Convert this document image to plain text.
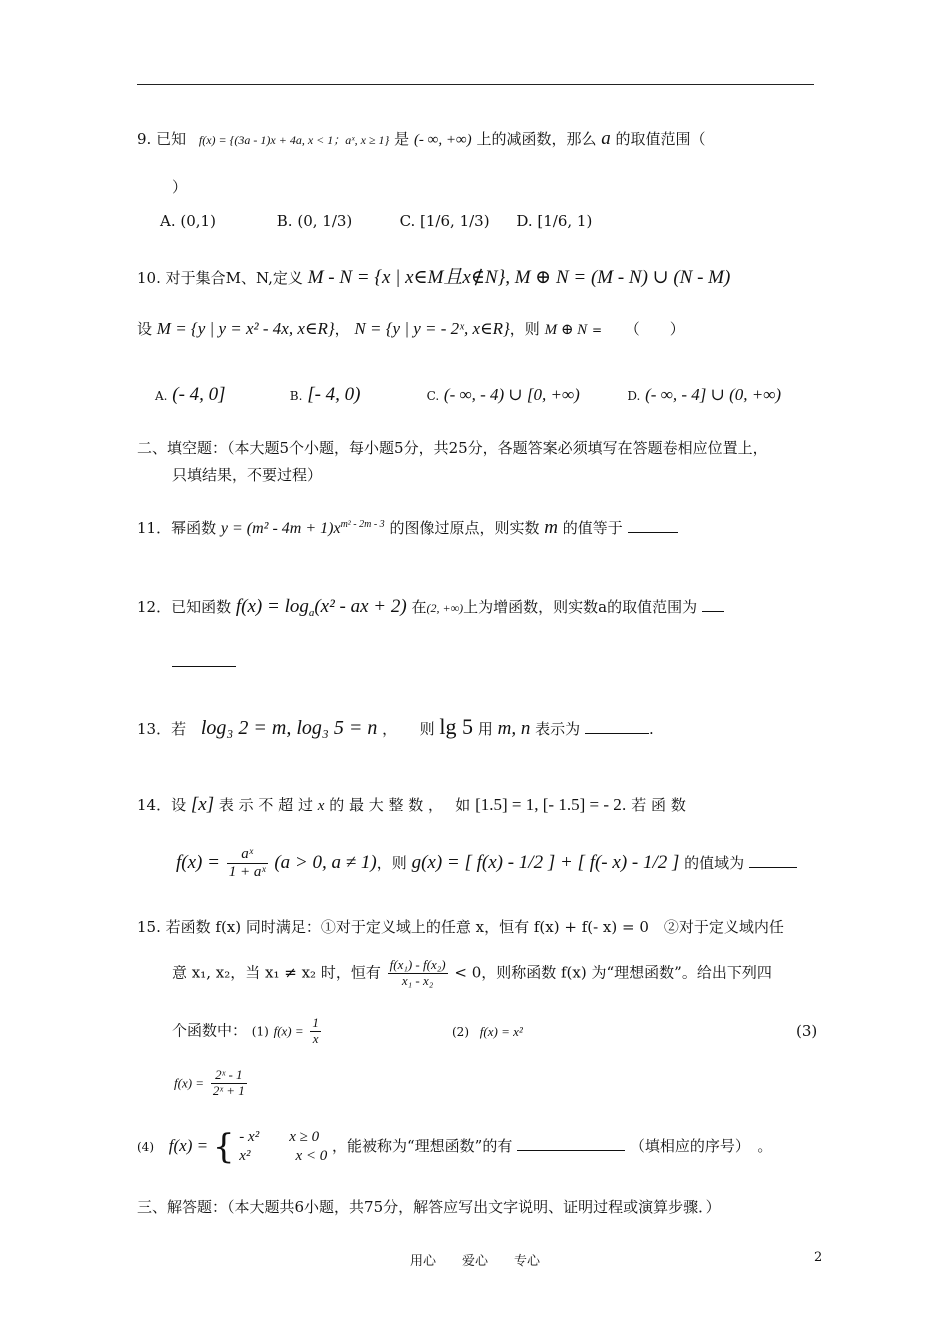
9. 已知 f(x) = {(3a - 1)x + 4a, x < 1；aˣ, x ≥ 1} 是 (- ∞, +∞) 上的减函数，那么 a 的取值范围（
）
A. (0,1)	B. (0, 1/3)	C. [1/6, 1/3) D. [1/6, 1)
10. 对于集合M、N,定义 M - N = {x | x∈M且x∉N}, M ⊕ N = (M - N) ∪ (N - M)
设 M = {y | y = x² - 4x, x∈R}， N = {y | y = - 2ˣ, x∈R}，则 M ⊕ N = （　　）
A. (- 4, 0]	B. [- 4, 0)	C. (- ∞, - 4) ∪ [0, +∞)	D. (- ∞, - 4] ∪ (0, +∞)
二、填空题：（本大题5个小题，每小题5分，共25分，各题答案必须填写在答题卷相应位置上，
只填结果，不要过程）
11．幂函数 $y = (m^2 - 4m + 1)x^{m^2 - 2m - 3}$ 的图像过原点，则实数 m 的值等于
12．已知函数 $f(x) = \log_a(x^2$ - ax + 2) 在(2, +∞)上为增函数，则实数a的取值范围为
13．若 log₃ 2 = m, log₃ 5 = n ，　　则 lg 5 用 m, n 表示为	.
14．设 [x] 表 示 不 超 过 x 的 最 大 整 数 ，　 如 [1.5] = 1, [- 1.5] = - 2. 若 函 数
$f(x) = \frac{\text{aˣ}}{\text{1 + aˣ}} (a > 0$, a ≠ 1)，则 g(x) = [ f(x) - 1/2 ] + [ f(- x) - 1/2 ] 的值域为
15. 若函数 f(x) 同时满足：①对于定义域上的任意 x，恒有 f(x) + f(- x) = 0　②对于定义域内任
意 x₁, x₂，当 x₁ ≠ x₂ 时，恒有 $\frac{\text{f(x₁) - f(x₂)}}{\text{x₁ - x₂}} < 0$，则称函数 f(x) 为“理想函数”。给出下列四
个函数中： (1) $f(x) = \frac{1}{x}$	(2) f(x) = x²	(3)
$f(x) = \frac{\text{2ˣ - 1}}{\text{2ˣ + 1}}$
(4) f(x) = { - x²　　x ≥ 0
x²　　　x < 0
，能被称为“理想函数”的有	（填相应的序号）　。
三、解答题：（本大题共6小题，共75分，解答应写出文字说明、证明过程或演算步骤．）
用心　　爱心　　专心	2
